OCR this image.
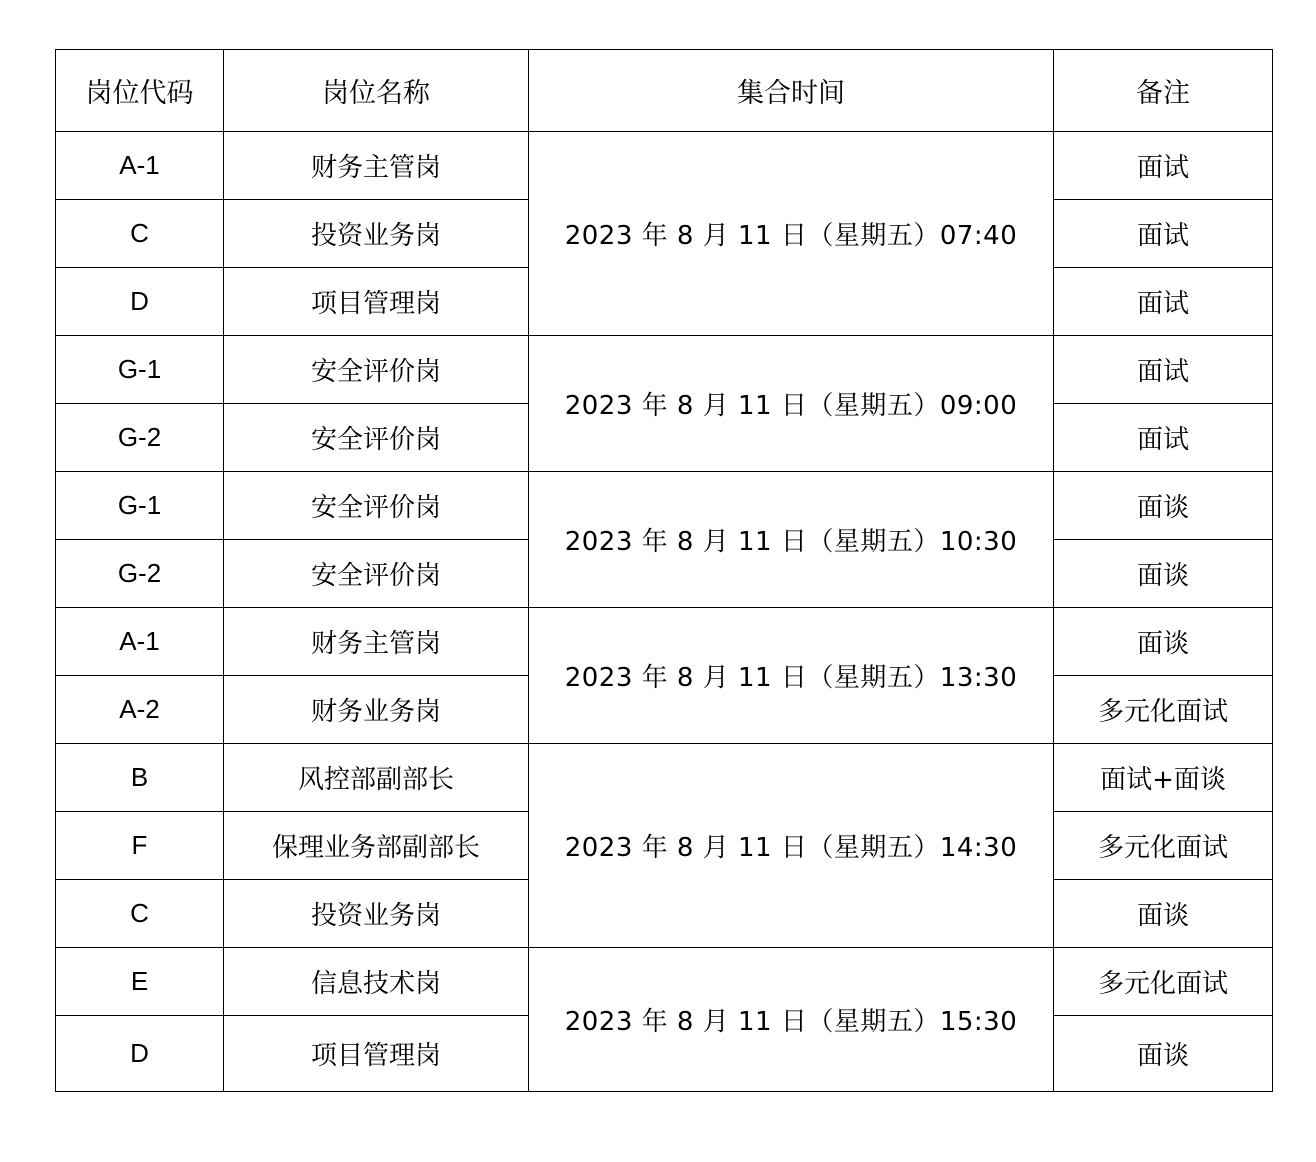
岗位代码	岗位名称	集合时间	备注
A-1	财务主管岗	2023 年 8 月 11 日（星期五）07:40	面试
C	投资业务岗		面试
D	项目管理岗		面试
G-1	安全评价岗	2023 年 8 月 11 日（星期五）09:00	面试
G-2	安全评价岗		面试
G-1	安全评价岗	2023 年 8 月 11 日（星期五）10:30	面谈
G-2	安全评价岗		面谈
A-1	财务主管岗	2023 年 8 月 11 日（星期五）13:30	面谈
A-2	财务业务岗		多元化面试
B	风控部副部长	2023 年 8 月 11 日（星期五）14:30	面试+面谈
F	保理业务部副部长		多元化面试
C	投资业务岗		面谈
E	信息技术岗	2023 年 8 月 11 日（星期五）15:30	多元化面试
D	项目管理岗		面谈
